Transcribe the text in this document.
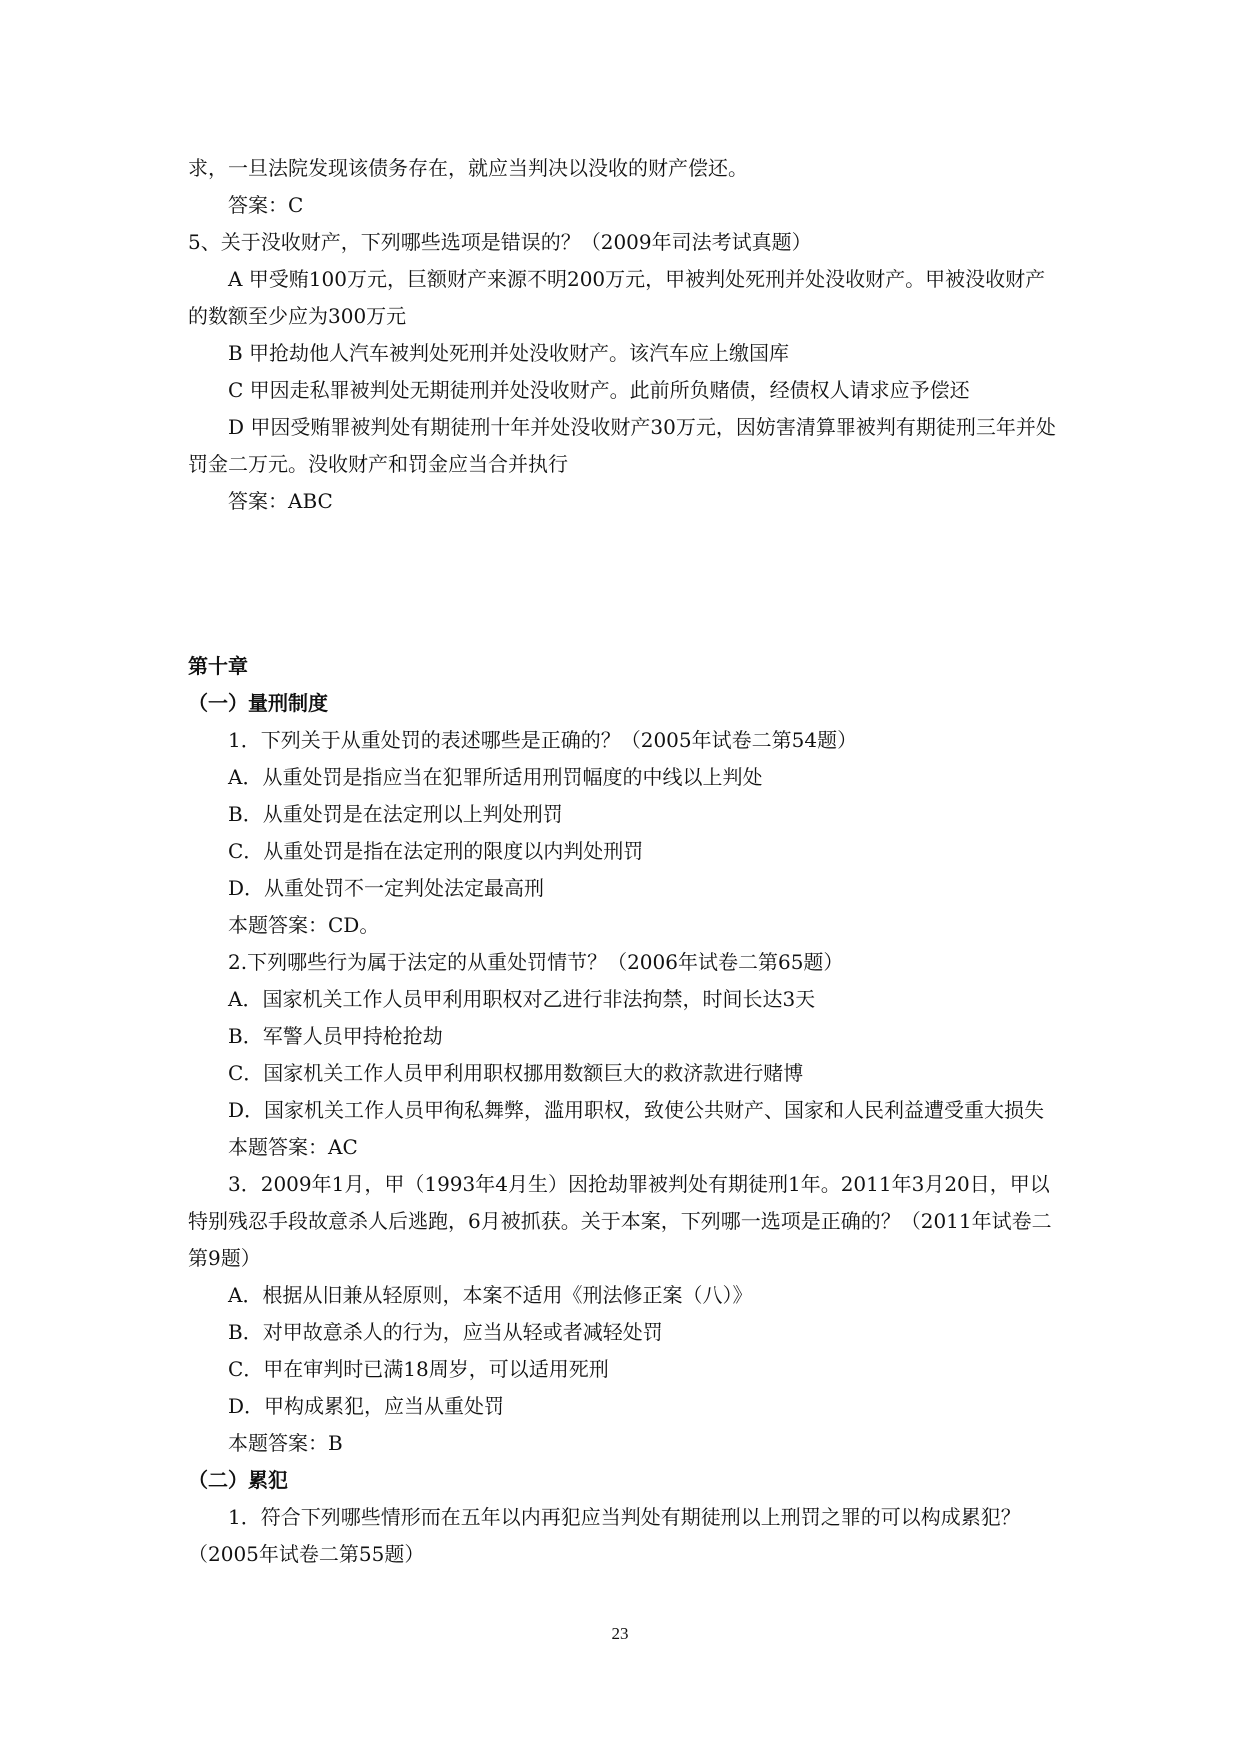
求，一旦法院发现该债务存在，就应当判决以没收的财产偿还。
答案：C
5、关于没收财产，下列哪些选项是错误的？（2009年司法考试真题）
A 甲受贿100万元，巨额财产来源不明200万元，甲被判处死刑并处没收财产。甲被没收财产的数额至少应为300万元
B 甲抢劫他人汽车被判处死刑并处没收财产。该汽车应上缴国库
C 甲因走私罪被判处无期徒刑并处没收财产。此前所负赌债，经债权人请求应予偿还
D 甲因受贿罪被判处有期徒刑十年并处没收财产30万元，因妨害清算罪被判有期徒刑三年并处罚金二万元。没收财产和罚金应当合并执行
答案：ABC
第十章
（一）量刑制度
1．下列关于从重处罚的表述哪些是正确的？（2005年试卷二第54题）
A．从重处罚是指应当在犯罪所适用刑罚幅度的中线以上判处
B．从重处罚是在法定刑以上判处刑罚
C．从重处罚是指在法定刑的限度以内判处刑罚
D．从重处罚不一定判处法定最高刑
本题答案：CD。
2.下列哪些行为属于法定的从重处罚情节？（2006年试卷二第65题）
A．国家机关工作人员甲利用职权对乙进行非法拘禁，时间长达3天
B．军警人员甲持枪抢劫
C．国家机关工作人员甲利用职权挪用数额巨大的救济款进行赌博
D．国家机关工作人员甲徇私舞弊，滥用职权，致使公共财产、国家和人民利益遭受重大损失
本题答案：AC
3．2009年1月，甲（1993年4月生）因抢劫罪被判处有期徒刑1年。2011年3月20日，甲以特别残忍手段故意杀人后逃跑，6月被抓获。关于本案，下列哪一选项是正确的？（2011年试卷二第9题）
A．根据从旧兼从轻原则，本案不适用《刑法修正案（八）》
B．对甲故意杀人的行为，应当从轻或者减轻处罚
C．甲在审判时已满18周岁，可以适用死刑
D．甲构成累犯，应当从重处罚
本题答案：B
（二）累犯
1．符合下列哪些情形而在五年以内再犯应当判处有期徒刑以上刑罚之罪的可以构成累犯？（2005年试卷二第55题）
23
